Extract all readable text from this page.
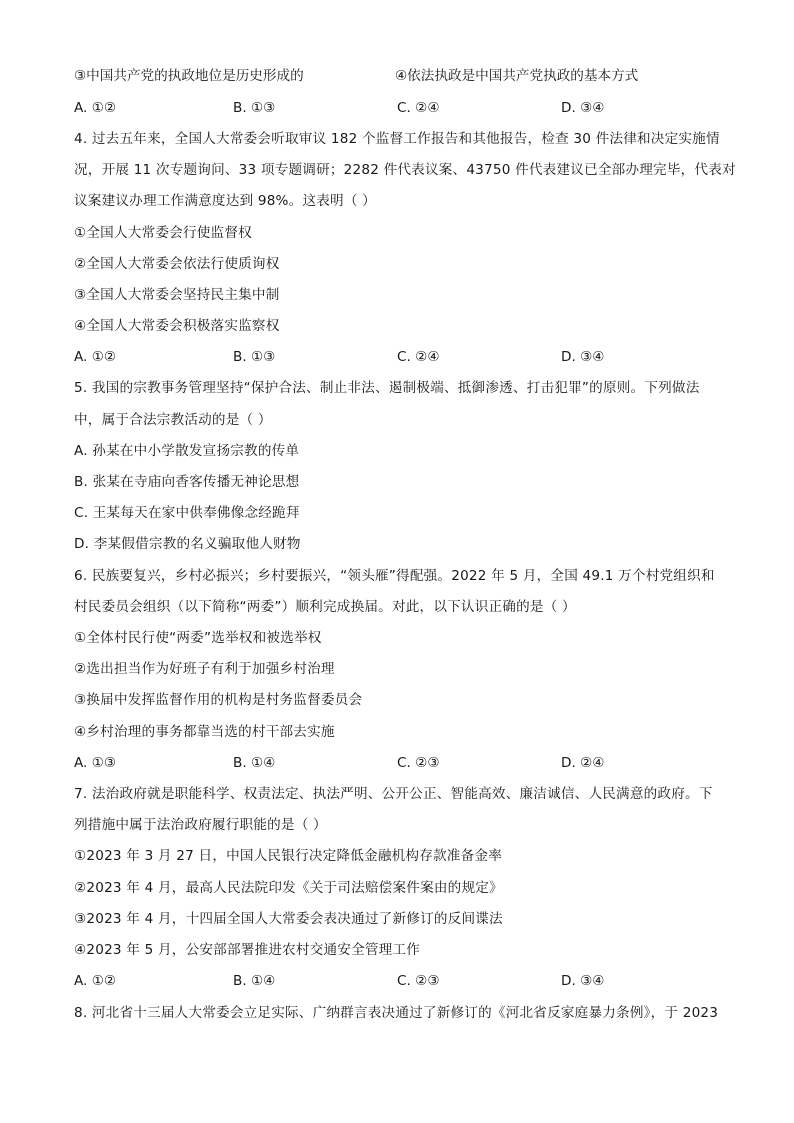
③中国共产党的执政地位是历史形成的	④依法执政是中国共产党执政的基本方式
A. ①②	B. ①③	C. ②④	D. ③④
4. 过去五年来，全国人大常委会听取审议 182 个监督工作报告和其他报告，检查 30 件法律和决定实施情
况，开展 11 次专题询问、33 项专题调研；2282 件代表议案、43750 件代表建议已全部办理完毕，代表对
议案建议办理工作满意度达到 98%。这表明（ ）
①全国人大常委会行使监督权
②全国人大常委会依法行使质询权
③全国人大常委会坚持民主集中制
④全国人大常委会积极落实监察权
A. ①②	B. ①③	C. ②④	D. ③④
5. 我国的宗教事务管理坚持“保护合法、制止非法、遏制极端、抵御渗透、打击犯罪”的原则。下列做法
中，属于合法宗教活动的是（ ）
A. 孙某在中小学散发宣扬宗教的传单
B. 张某在寺庙向香客传播无神论思想
C. 王某每天在家中供奉佛像念经跪拜
D. 李某假借宗教的名义骗取他人财物
6. 民族要复兴，乡村必振兴；乡村要振兴，“领头雁”得配强。2022 年 5 月，全国 49.1 万个村党组织和
村民委员会组织（以下简称“两委”）顺利完成换届。对此，以下认识正确的是（ ）
①全体村民行使“两委”选举权和被选举权
②选出担当作为好班子有利于加强乡村治理
③换届中发挥监督作用的机构是村务监督委员会
④乡村治理的事务都靠当选的村干部去实施
A. ①③	B. ①④	C. ②③	D. ②④
7. 法治政府就是职能科学、权责法定、执法严明、公开公正、智能高效、廉洁诚信、人民满意的政府。下
列措施中属于法治政府履行职能的是（ ）
①2023 年 3 月 27 日，中国人民银行决定降低金融机构存款准备金率
②2023 年 4 月，最高人民法院印发《关于司法赔偿案件案由的规定》
③2023 年 4 月，十四届全国人大常委会表决通过了新修订的反间谍法
④2023 年 5 月，公安部部署推进农村交通安全管理工作
A. ①②	B. ①④	C. ②③	D. ③④
8. 河北省十三届人大常委会立足实际、广纳群言表决通过了新修订的《河北省反家庭暴力条例》，于 2023
